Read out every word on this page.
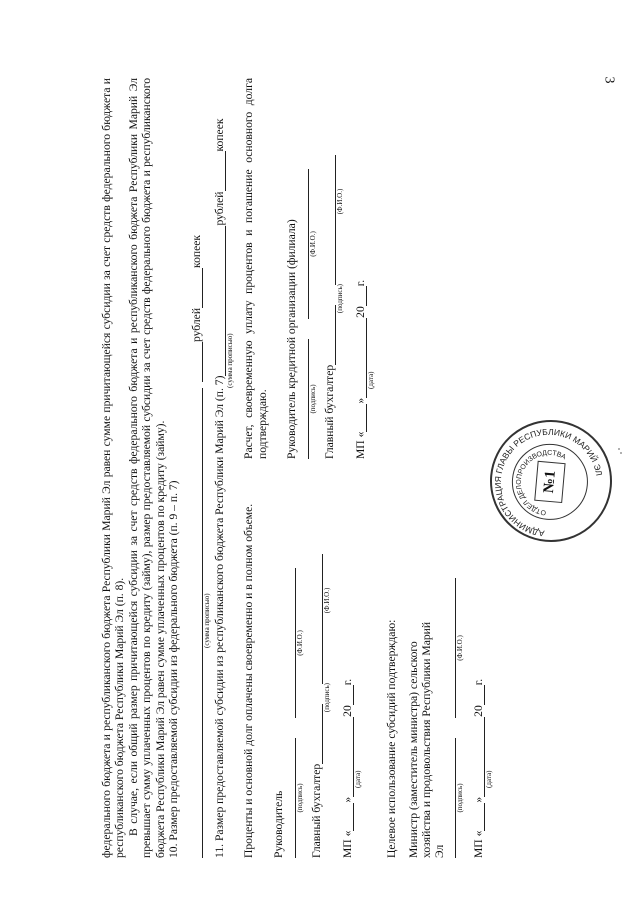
3

федерального бюджета и республиканского бюджета Республики Марий Эл равен сумме причитающейся субсидии за счет средств федерального бюджета и республиканского бюджета Республики Марий Эл (п. 8). В случае, если общий размер причитающейся субсидии за счет средств федерального бюджета и республиканского бюджета Республики Марий Эл превышает сумму уплаченных процентов по кредиту (займу), размер предоставляемой субсидии за счет средств федерального бюджета и республиканского бюджета Республики Марий Эл равен сумме уплаченных процентов по кредиту (займу). 10. Размер предоставляемой субсидии из федерального бюджета (п. 9 – п. 7)

рублей
копеек
(сумма прописью) 11. Размер предоставляемой субсидии из республиканского бюджета Республики Марий Эл (п. 7)
рублей
копеек
(сумма прописью)

Проценты и основной долг оплачены своевременно и в полном объеме. Руководитель (подпись)
(Ф.И.О.)
Главный бухгалтер
(подпись)
(Ф.И.О.)
МП «
»
20
г.
(дата)

Расчет, своевременную уплату процентов и погашение основного долга подтверждаю. Руководитель кредитной организации (филиала) (подпись)
(Ф.И.О.)
Главный бухгалтер
(подпись)
(Ф.И.О.)
МП «
»
20
г.
(дата)

Целевое использование субсидий подтверждаю: Министр (заместитель министра) сельского хозяйства и продовольствия Республики Марий Эл

(подпись)
(Ф.И.О.)
МП «
»
20
г.
(дата)
АДМИНИСТРАЦИЯ ГЛАВЫ РЕСПУБЛИКИ МАРИЙ ЭЛ
ОТДЕЛ ДЕЛОПРОИЗВОДСТВА
№1
